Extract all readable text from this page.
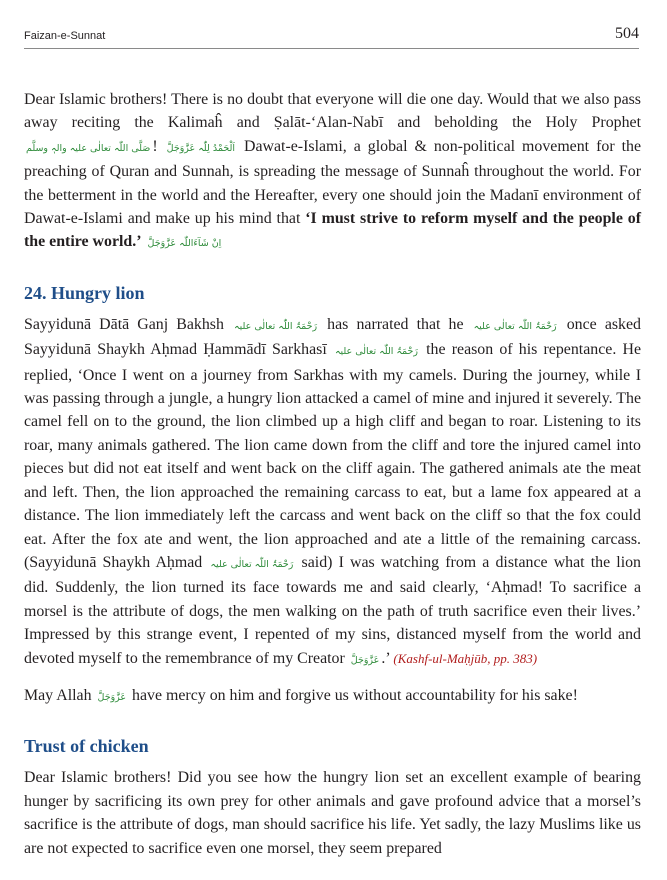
Faizan-e-Sunnat	504

Dear Islamic brothers! There is no doubt that everyone will die one day. Would that we also pass away reciting the Kalimaĥ and Ṣalāt-‘Alan-Nabī and beholding the Holy Prophet صَلَّی اللّٰہ تعالٰی علیہ والہٖ وسلَّم ! اَلْحَمْدُ لِلّٰہ عَزَّوَجَلَّ Dawat-e-Islami, a global & non-political movement for the preaching of Quran and Sunnah, is spreading the message of Sunnaĥ throughout the world. For the betterment in the world and the Hereafter, every one should join the Madanī environment of Dawat-e-Islami and make up his mind that ‘I must strive to reform myself and the people of the entire world.’ اِنْ شَآءَاللّٰہ عَزَّوَجَلَّ

24. Hungry lion

Sayyidunā Dātā Ganj Bakhsh رَحْمَۃُ اللّٰہ تعالٰی علیہ has narrated that he رَحْمَۃُ اللّٰہ تعالٰی علیہ once asked Sayyidunā Shaykh Aḥmad Ḥammādī Sarkhasī رَحْمَۃُ اللّٰہ تعالٰی علیہ the reason of his repentance. He replied, ‘Once I went on a journey from Sarkhas with my camels. During the journey, while I was passing through a jungle, a hungry lion attacked a camel of mine and injured it severely. The camel fell on to the ground, the lion climbed up a high cliff and began to roar. Listening to its roar, many animals gathered. The lion came down from the cliff and tore the injured camel into pieces but did not eat itself and went back on the cliff again. The gathered animals ate the meat and left. Then, the lion approached the remaining carcass to eat, but a lame fox appeared at a distance. The lion immediately left the carcass and went back on the cliff so that the fox could eat. After the fox ate and went, the lion approached and ate a little of the remaining carcass. (Sayyidunā Shaykh Aḥmad رَحْمَۃُ اللّٰہ تعالٰی علیہ said) I was watching from a distance what the lion did. Suddenly, the lion turned its face towards me and said clearly, ‘Aḥmad! To sacrifice a morsel is the attribute of dogs, the men walking on the path of truth sacrifice even their lives.’ Impressed by this strange event, I repented of my sins, distanced myself from the world and devoted myself to the remembrance of my Creator عَزَّوَجَلَّ .’ (Kashf-ul-Maḥjūb, pp. 383)

May Allah عَزَّوَجَلَّ have mercy on him and forgive us without accountability for his sake!

Trust of chicken

Dear Islamic brothers! Did you see how the hungry lion set an excellent example of bearing hunger by sacrificing its own prey for other animals and gave profound advice that a morsel’s sacrifice is the attribute of dogs, man should sacrifice his life. Yet sadly, the lazy Muslims like us are not expected to sacrifice even one morsel, they seem prepared
